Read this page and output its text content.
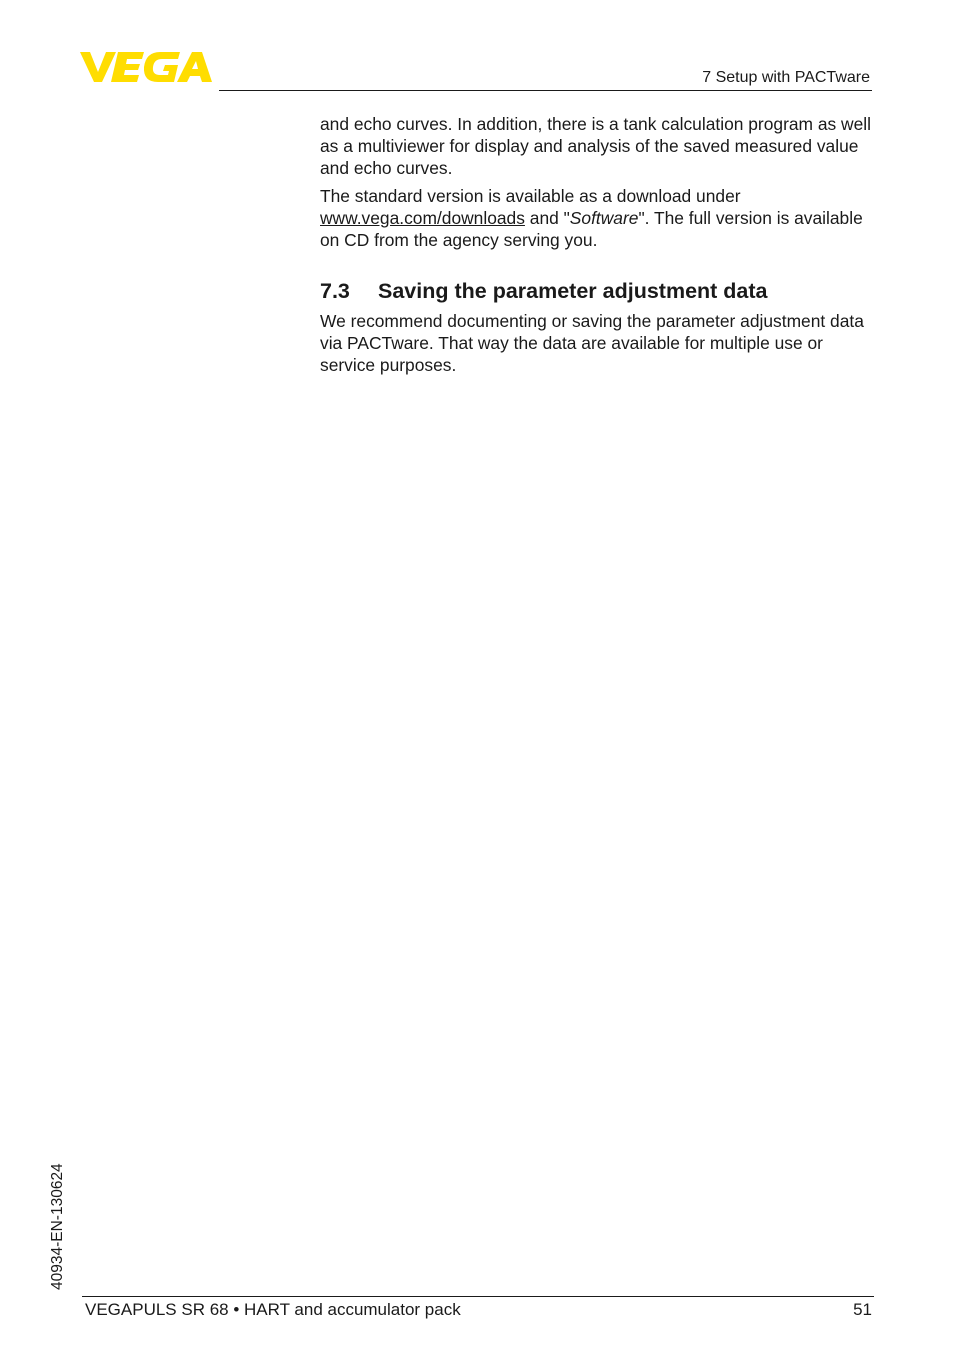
7 Setup with PACTware

and echo curves. In addition, there is a tank calculation program as well as a multiviewer for display and analysis of the saved measured value and echo curves.

The standard version is available as a download under www.vega.com/downloads and "Software". The full version is available on CD from the agency serving you.

7.3 Saving the parameter adjustment data

We recommend documenting or saving the parameter adjustment data via PACTware. That way the data are available for multiple use or service purposes.

40934-EN-130624
VEGAPULS SR 68 • HART and accumulator pack	51
